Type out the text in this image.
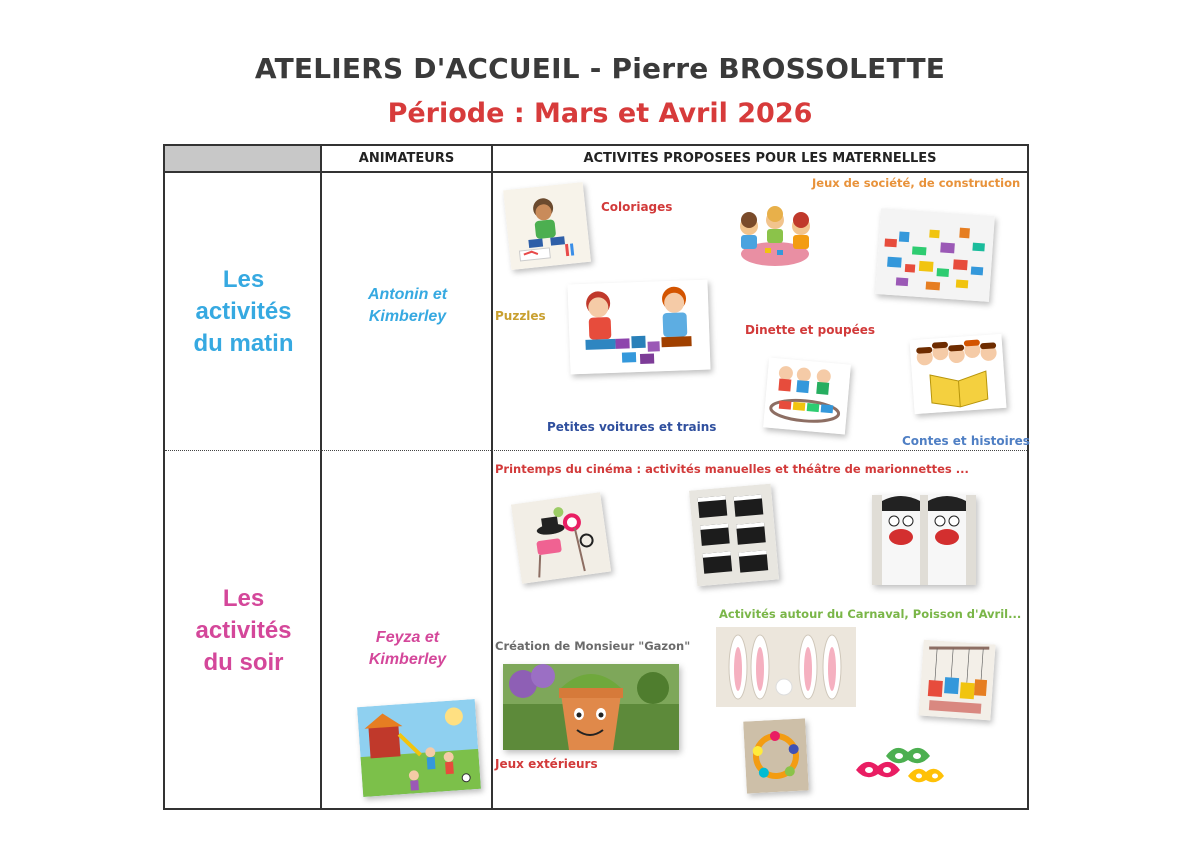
ATELIERS D'ACCUEIL - Pierre BROSSOLETTE
Période : Mars et Avril 2026
ANIMATEURS	ACTIVITES PROPOSEES POUR LES MATERNELLES
Les
activités
du matin
Antonin et
Kimberley
Les
activités
du soir
Feyza et
Kimberley
Coloriages
Jeux de société, de construction
Puzzles
Dinette et poupées
Petites voitures et trains
Contes et histoires
Printemps du cinéma : activités manuelles et théâtre de marionnettes ...
Activités autour du Carnaval, Poisson d'Avril...
Création de Monsieur "Gazon"
Jeux extérieurs
